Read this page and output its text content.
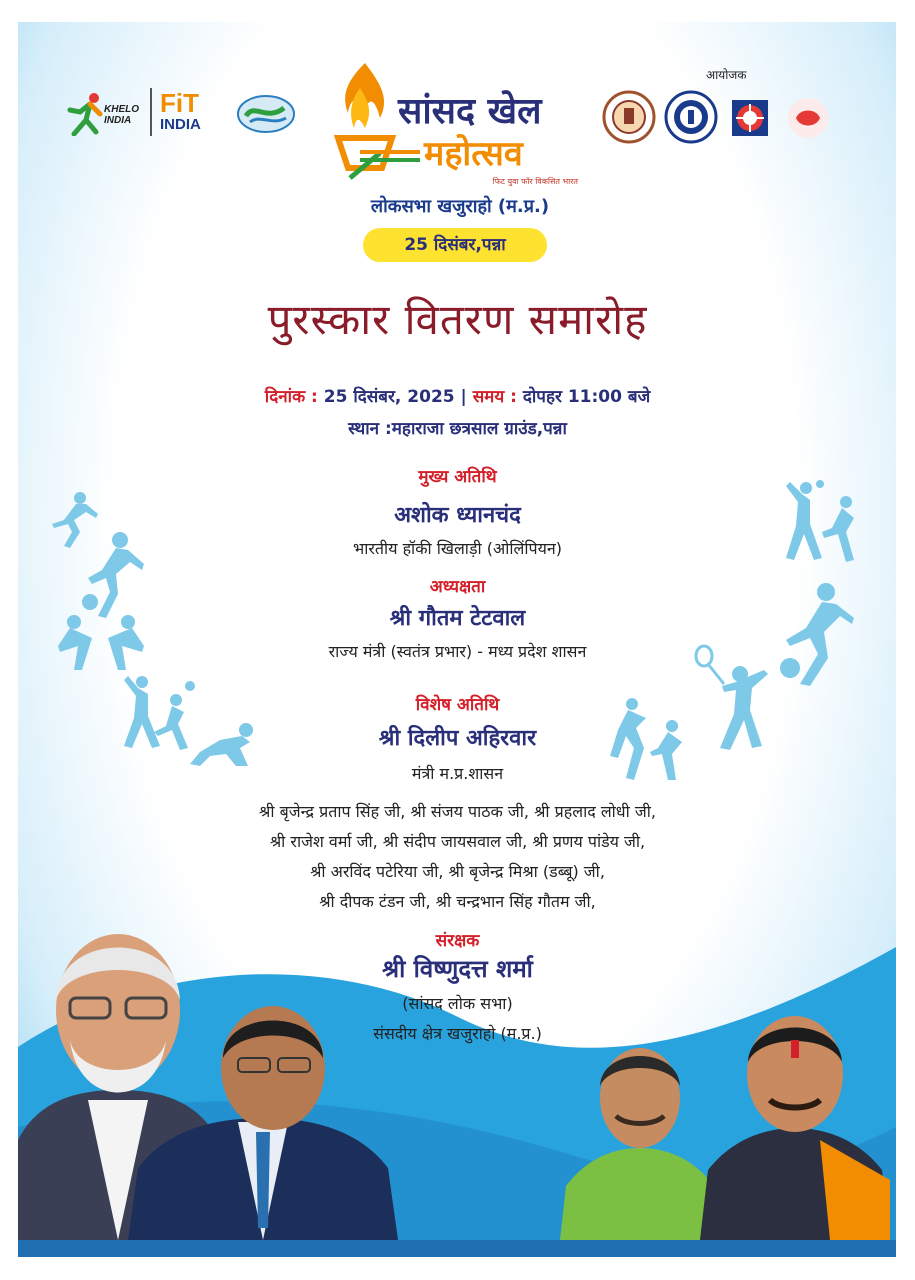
KHELO INDIA
FiT
INDIA	सांसद खेल
महोत्सव
फिट युवा फॉर विकसित भारत
लोकसभा खजुराहो (म.प्र.)
25 दिसंबर,पन्ना
आयोजक
पुरस्कार वितरण समारोह
दिनांक : 25 दिसंबर, 2025 | समय : दोपहर 11:00 बजे
स्थान :महाराजा छत्रसाल ग्राउंड,पन्ना
मुख्य अतिथि
अशोक ध्यानचंद
भारतीय हॉकी खिलाड़ी (ओलिंपियन)
अध्यक्षता
श्री गौतम टेटवाल
राज्य मंत्री (स्वतंत्र प्रभार) - मध्य प्रदेश शासन
विशेष अतिथि
श्री दिलीप अहिरवार
मंत्री म.प्र.शासन
श्री बृजेन्द्र प्रताप सिंह जी, श्री संजय पाठक जी, श्री प्रहलाद लोधी जी,
श्री राजेश वर्मा जी, श्री संदीप जायसवाल जी, श्री प्रणय पांडेय जी,
श्री अरविंद पटेरिया जी, श्री बृजेन्द्र मिश्रा (डब्बू) जी,
श्री दीपक टंडन जी, श्री चन्द्रभान सिंह गौतम जी,
संरक्षक
श्री विष्णुदत्त शर्मा
(सांसद लोक सभा)
संसदीय क्षेत्र खजुराहो (म.प्र.)
